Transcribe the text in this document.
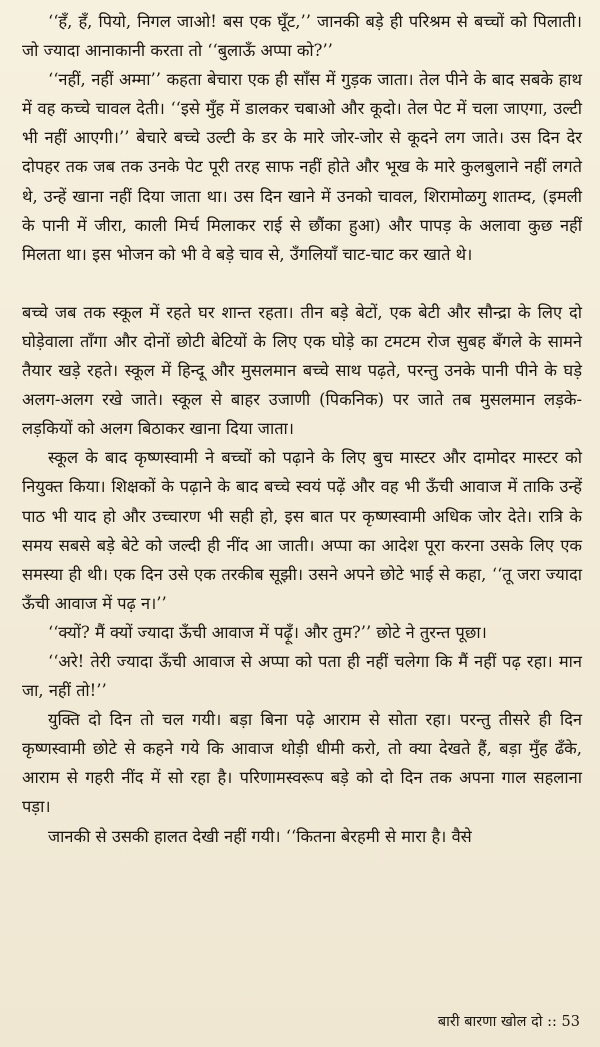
‘‘हँ, हँ, पियो, निगल जाओ! बस एक घूँट,’’ जानकी बड़े ही परिश्रम से बच्चों को पिलाती। जो ज्यादा आनाकानी करता तो ‘‘बुलाऊँ अप्पा को?’’

‘‘नहीं, नहीं अम्मा’’ कहता बेचारा एक ही साँस में गुड़क जाता। तेल पीने के बाद सबके हाथ में वह कच्चे चावल देती। ‘‘इसे मुँह में डालकर चबाओ और कूदो। तेल पेट में चला जाएगा, उल्टी भी नहीं आएगी।’’ बेचारे बच्चे उल्टी के डर के मारे जोर-जोर से कूदने लग जाते। उस दिन देर दोपहर तक जब तक उनके पेट पूरी तरह साफ नहीं होते और भूख के मारे कुलबुलाने नहीं लगते थे, उन्हें खाना नहीं दिया जाता था। उस दिन खाने में उनको चावल, शिरामोळगु शातम्द, (इमली के पानी में जीरा, काली मिर्च मिलाकर राई से छौंका हुआ) और पापड़ के अलावा कुछ नहीं मिलता था। इस भोजन को भी वे बड़े चाव से, उँगलियाँ चाट-चाट कर खाते थे।

बच्चे जब तक स्कूल में रहते घर शान्त रहता। तीन बड़े बेटों, एक बेटी और सौन्द्रा के लिए दो घोड़ेवाला ताँगा और दोनों छोटी बेटियों के लिए एक घोड़े का टमटम रोज सुबह बँगले के सामने तैयार खड़े रहते। स्कूल में हिन्दू और मुसलमान बच्चे साथ पढ़ते, परन्तु उनके पानी पीने के घड़े अलग-अलग रखे जाते। स्कूल से बाहर उजाणी (पिकनिक) पर जाते तब मुसलमान लड़के-लड़कियों को अलग बिठाकर खाना दिया जाता।

स्कूल के बाद कृष्णस्वामी ने बच्चों को पढ़ाने के लिए बुच मास्टर और दामोदर मास्टर को नियुक्त किया। शिक्षकों के पढ़ाने के बाद बच्चे स्वयं पढ़ें और वह भी ऊँची आवाज में ताकि उन्हें पाठ भी याद हो और उच्चारण भी सही हो, इस बात पर कृष्णस्वामी अधिक जोर देते। रात्रि के समय सबसे बड़े बेटे को जल्दी ही नींद आ जाती। अप्पा का आदेश पूरा करना उसके लिए एक समस्या ही थी। एक दिन उसे एक तरकीब सूझी। उसने अपने छोटे भाई से कहा, ‘‘तू जरा ज्यादा ऊँची आवाज में पढ़ न।’’

‘‘क्यों? मैं क्यों ज्यादा ऊँची आवाज में पढ़ूँ। और तुम?’’ छोटे ने तुरन्त पूछा।

‘‘अरे! तेरी ज्यादा ऊँची आवाज से अप्पा को पता ही नहीं चलेगा कि मैं नहीं पढ़ रहा। मान जा, नहीं तो!’’

युक्ति दो दिन तो चल गयी। बड़ा बिना पढ़े आराम से सोता रहा। परन्तु तीसरे ही दिन कृष्णस्वामी छोटे से कहने गये कि आवाज थोड़ी धीमी करो, तो क्या देखते हैं, बड़ा मुँह ढँके, आराम से गहरी नींद में सो रहा है। परिणामस्वरूप बड़े को दो दिन तक अपना गाल सहलाना पड़ा।

जानकी से उसकी हालत देखी नहीं गयी। ‘‘कितना बेरहमी से मारा है। वैसे

बारी बारणा खोल दो :: 53
